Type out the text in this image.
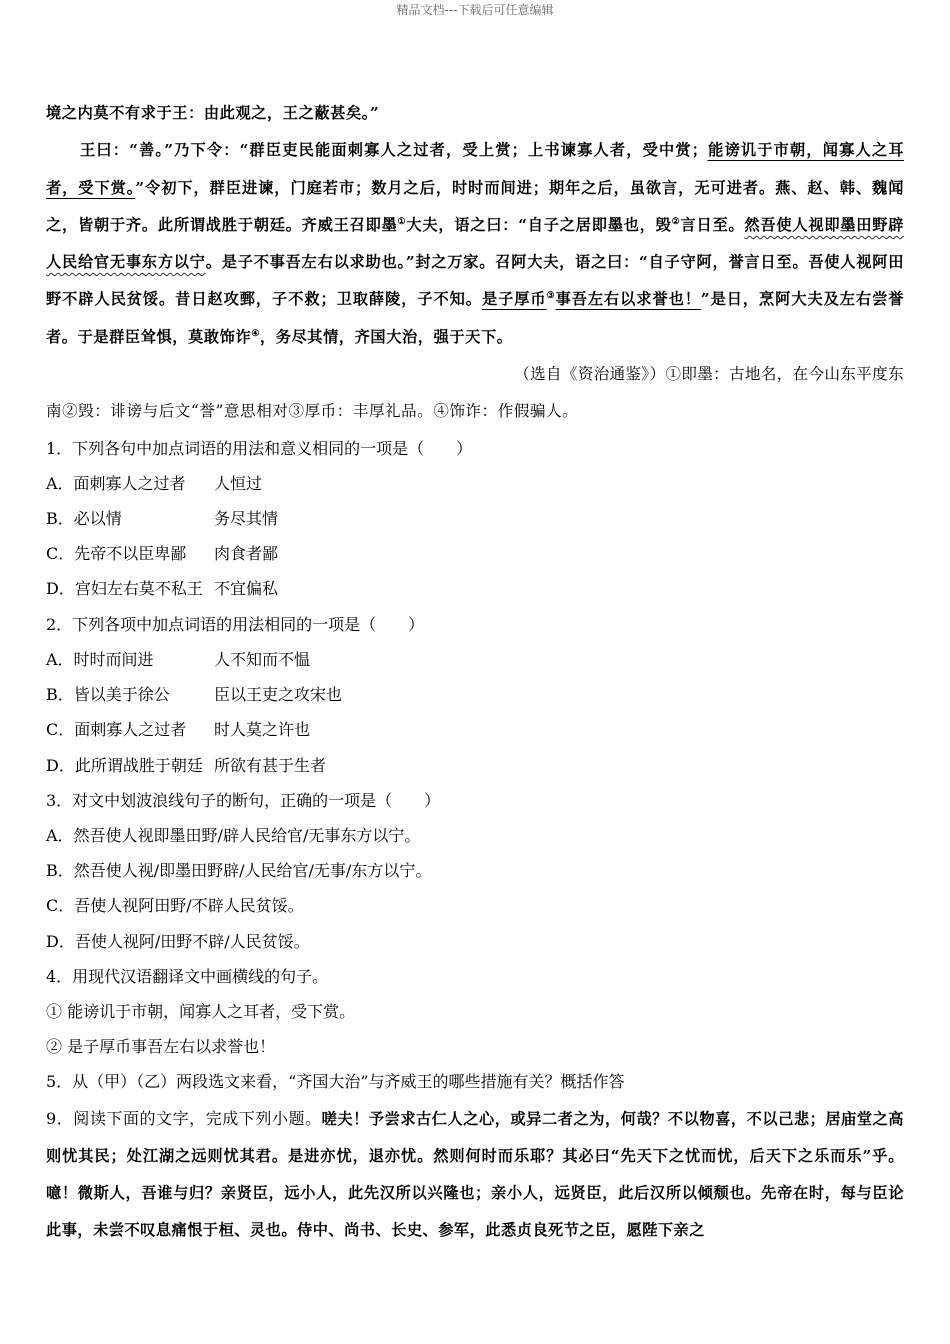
精品文档---下载后可任意编辑
境之内莫不有求于王：由此观之，王之蔽甚矣。”
王曰：“善。”乃下令：“群臣吏民能面刺寡人之过者，受上赏；上书谏寡人者，受中赏；能谤讥于市朝，闻寡人之耳者，受下赏。”令初下，群臣进谏，门庭若市；数月之后，时时而间进；期年之后，虽欲言，无可进者。燕、赵、韩、魏闻之，皆朝于齐。此所谓战胜于朝廷。齐威王召即墨①大夫，语之曰：“自子之居即墨也，毁②言日至。然吾使人视即墨田野辟人民给官无事东方以宁。是子不事吾左右以求助也。”封之万家。召阿大夫，语之曰：“自子守阿，誉言日至。吾使人视阿田野不辟人民贫馁。昔日赵攻鄄，子不救；卫取薛陵，子不知。是子厚币③事吾左右以求誉也！”是日，烹阿大夫及左右尝誉者。于是群臣耸惧，莫敢饰诈④，务尽其情，齐国大治，强于天下。
（选自《资治通鉴》）①即墨：古地名，在今山东平度东
南②毁：诽谤与后文“誉”意思相对③厚币：丰厚礼品。④饰诈：作假骗人。
1．下列各句中加点词语的用法和意义相同的一项是（　　）
A．面刺寡人之过者 人恒过
B．必以情	务尽其情
C．先帝不以臣卑鄙 肉食者鄙
D．宫妇左右莫不私王 不宜偏私
2．下列各项中加点词语的用法相同的一项是（　　）
A．时时而间进	人不知而不愠
B．皆以美于徐公	臣以王吏之攻宋也
C．面刺寡人之过者 时人莫之许也
D．此所谓战胜于朝廷 所欲有甚于生者
3．对文中划波浪线句子的断句，正确的一项是（　　）
A．然吾使人视即墨田野/辟人民给官/无事东方以宁。
B．然吾使人视/即墨田野辟/人民给官/无事/东方以宁。
C．吾使人视阿田野/不辟人民贫馁。
D．吾使人视阿/田野不辟/人民贫馁。
4．用现代汉语翻译文中画横线的句子。
① 能谤讥于市朝，闻寡人之耳者，受下赏。
② 是子厚币事吾左右以求誉也！
5．从（甲）（乙）两段选文来看，“齐国大治”与齐威王的哪些措施有关？概括作答
9．阅读下面的文字，完成下列小题。嗟夫！予尝求古仁人之心，或异二者之为，何哉？不以物喜，不以己悲；居庙堂之高则忧其民；处江湖之远则忧其君。是进亦忧，退亦忧。然则何时而乐耶？其必曰“先天下之忧而忧，后天下之乐而乐”乎。噫！微斯人，吾谁与归？亲贤臣，远小人，此先汉所以兴隆也；亲小人，远贤臣，此后汉所以倾颓也。先帝在时，每与臣论此事，未尝不叹息痛恨于桓、灵也。侍中、尚书、长史、参军，此悉贞良死节之臣，愿陛下亲之
